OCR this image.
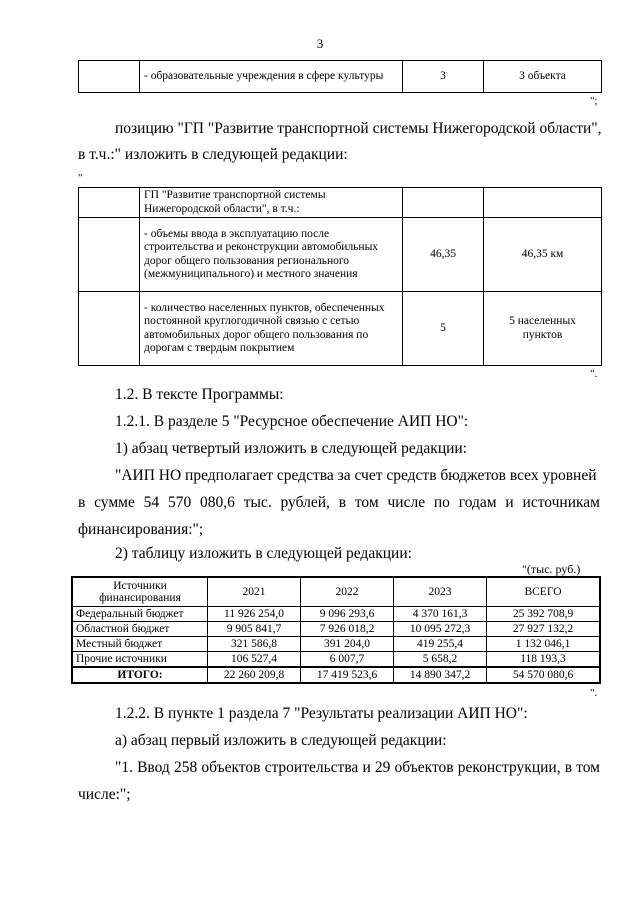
3
	- образовательные учреждения в сфере культуры	3	3 объекта
";
позицию "ГП "Развитие транспортной системы Нижегородской области",
в т.ч.:" изложить в следующей редакции:
"
	ГП "Развитие транспортной системы Нижегородской области", в т.ч.:		
	- объемы ввода в эксплуатацию после строительства и реконструкции автомобильных дорог общего пользования регионального (межмуниципального) и местного значения	46,35	46,35 км
	- количество населенных пунктов, обеспеченных постоянной круглогодичной связью с сетью автомобильных дорог общего пользования по дорогам с твердым покрытием	5	5 населенных пунктов
".
1.2. В тексте Программы:
1.2.1. В разделе 5 "Ресурсное обеспечение АИП НО":
1) абзац четвертый изложить в следующей редакции:
"АИП НО предполагает средства за счет средств бюджетов всех уровней
в сумме 54 570 080,6 тыс. рублей, в том числе по годам и источникам
финансирования:";
2) таблицу изложить в следующей редакции:
"(тыс. руб.)
Источники финансирования	2021	2022	2023	ВСЕГО
Федеральный бюджет	11 926 254,0	9 096 293,6	4 370 161,3	25 392 708,9
Областной бюджет	9 905 841,7	7 926 018,2	10 095 272,3	27 927 132,2
Местный бюджет	321 586,8	391 204,0	419 255,4	1 132 046,1
Прочие источники	106 527,4	6 007,7	5 658,2	118 193,3
ИТОГО:	22 260 209,8	17 419 523,6	14 890 347,2	54 570 080,6
".
1.2.2. В пункте 1 раздела 7 "Результаты реализации АИП НО":
а) абзац первый изложить в следующей редакции:
"1. Ввод 258 объектов строительства и 29 объектов реконструкции, в том
числе:";
